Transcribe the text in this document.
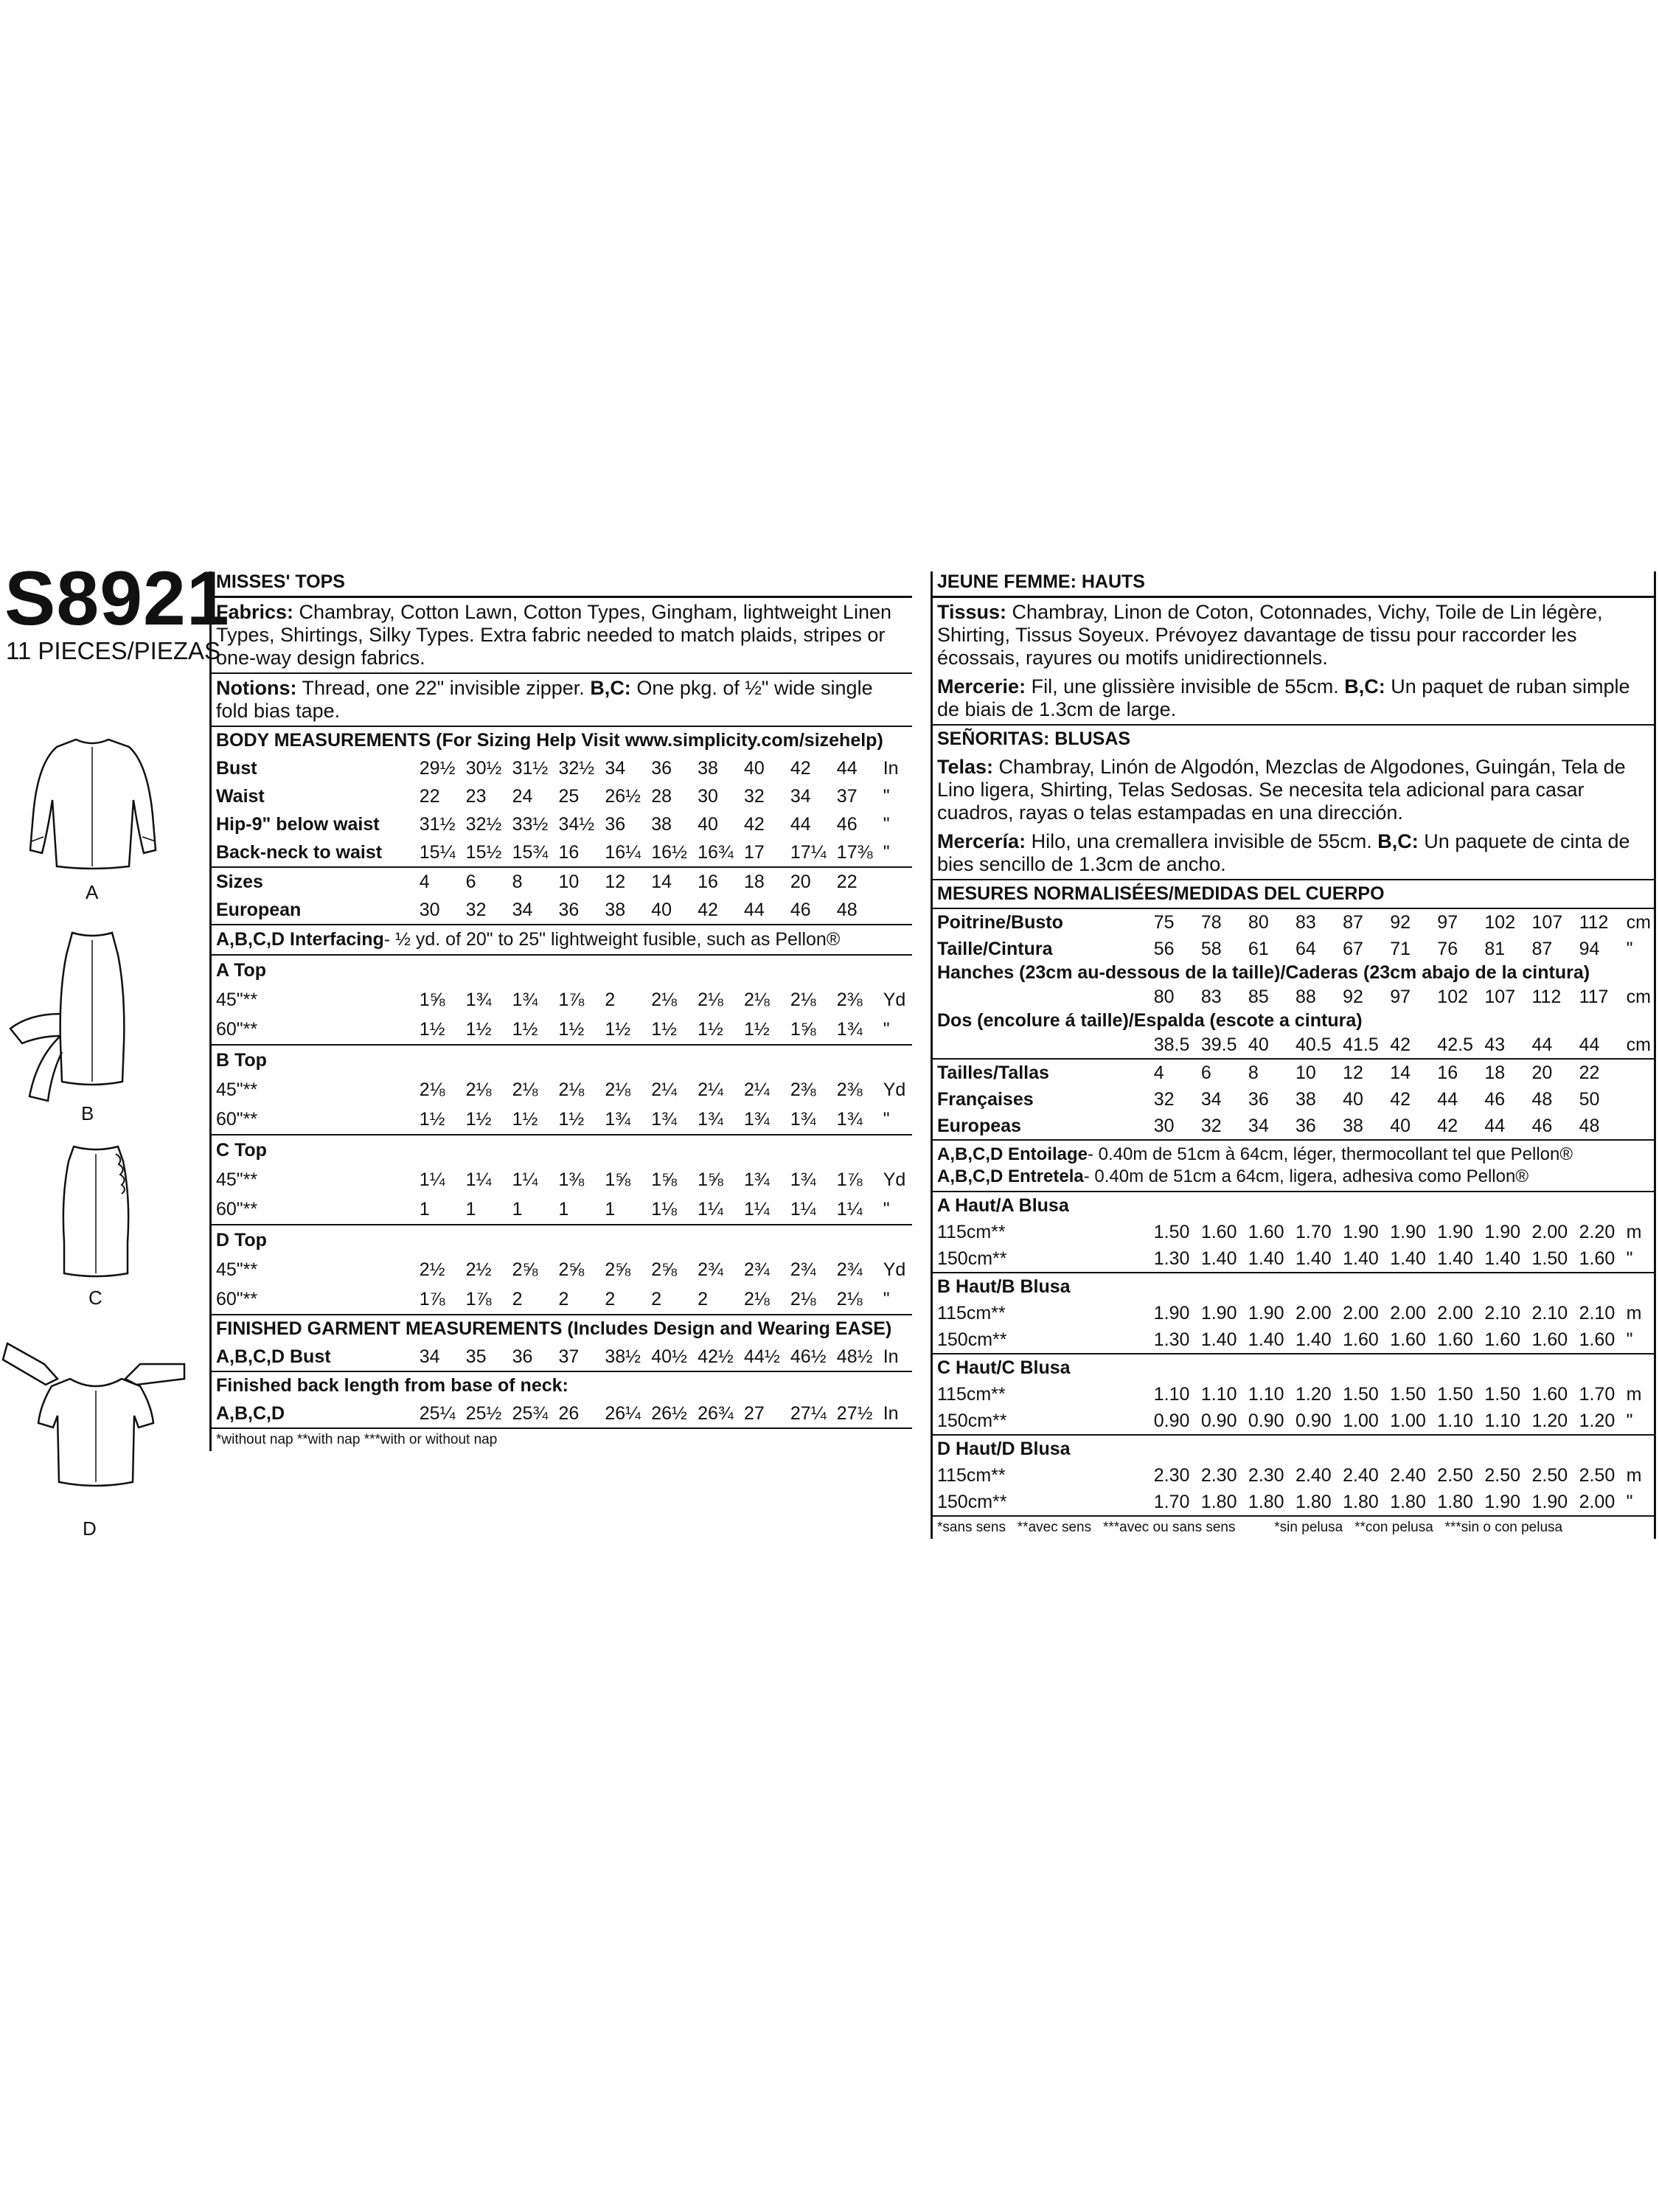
S8921
11 PIECES/PIEZAS
A
B
C
D
MISSES' TOPS
Fabrics: Chambray, Cotton Lawn, Cotton Types, Gingham, lightweight Linen Types, Shirtings, Silky Types. Extra fabric needed to match plaids, stripes or one-way design fabrics.
Notions: Thread, one 22" invisible zipper. B,C: One pkg. of ½" wide single fold bias tape.
BODY MEASUREMENTS (For Sizing Help Visit www.simplicity.com/sizehelp)
Bust	29½	30½	31½	32½	34	36	38	40	42	44	In
Waist	22	23	24	25	26½	28	30	32	34	37	"
Hip-9" below waist	31½	32½	33½	34½	36	38	40	42	44	46	"
Back-neck to waist	15¼	15½	15¾	16	16¼	16½	16¾	17	17¼	17⅜	"
Sizes	4	6	8	10	12	14	16	18	20	22	
European	30	32	34	36	38	40	42	44	46	48	
A,B,C,D Interfacing- ½ yd. of 20" to 25" lightweight fusible, such as Pellon®
A Top											
45"**	1⅝	1¾	1¾	1⅞	2	2⅛	2⅛	2⅛	2⅛	2⅜	Yd
60"**	1½	1½	1½	1½	1½	1½	1½	1½	1⅝	1¾	"
B Top											
45"**	2⅛	2⅛	2⅛	2⅛	2⅛	2¼	2¼	2¼	2⅜	2⅜	Yd
60"**	1½	1½	1½	1½	1¾	1¾	1¾	1¾	1¾	1¾	"
C Top											
45"**	1¼	1¼	1¼	1⅜	1⅝	1⅝	1⅝	1¾	1¾	1⅞	Yd
60"**	1	1	1	1	1	1⅛	1¼	1¼	1¼	1¼	"
D Top											
45"**	2½	2½	2⅝	2⅝	2⅝	2⅝	2¾	2¾	2¾	2¾	Yd
60"**	1⅞	1⅞	2	2	2	2	2	2⅛	2⅛	2⅛	"
FINISHED GARMENT MEASUREMENTS (Includes Design and Wearing EASE)
A,B,C,D Bust	34	35	36	37	38½	40½	42½	44½	46½	48½	In
Finished back length from base of neck:
A,B,C,D	25¼	25½	25¾	26	26¼	26½	26¾	27	27¼	27½	In
*without nap **with nap ***with or without nap
JEUNE FEMME: HAUTS
Tissus: Chambray, Linon de Coton, Cotonnades, Vichy, Toile de Lin légère, Shirting, Tissus Soyeux. Prévoyez davantage de tissu pour raccorder les écossais, rayures ou motifs unidirectionnels.
Mercerie: Fil, une glissière invisible de 55cm. B,C: Un paquet de ruban simple de biais de 1.3cm de large.
SEÑORITAS: BLUSAS
Telas: Chambray, Linón de Algodón, Mezclas de Algodones, Guingán, Tela de Lino ligera, Shirting, Telas Sedosas. Se necesita tela adicional para casar cuadros, rayas o telas estampadas en una dirección.
Mercería: Hilo, una cremallera invisible de 55cm. B,C: Un paquete de cinta de bies sencillo de 1.3cm de ancho.
MESURES NORMALISÉES/MEDIDAS DEL CUERPO
Poitrine/Busto	75	78	80	83	87	92	97	102	107	112	cm
Taille/Cintura	56	58	61	64	67	71	76	81	87	94	"
Hanches (23cm au-dessous de la taille)/Caderas (23cm abajo de la cintura)
	80	83	85	88	92	97	102	107	112	117	cm
Dos (encolure á taille)/Espalda (escote a cintura)
	38.5	39.5	40	40.5	41.5	42	42.5	43	44	44	cm
Tailles/Tallas	4	6	8	10	12	14	16	18	20	22	
Françaises	32	34	36	38	40	42	44	46	48	50	
Europeas	30	32	34	36	38	40	42	44	46	48	
A,B,C,D Entoilage- 0.40m de 51cm à 64cm, léger, thermocollant tel que Pellon®
A,B,C,D Entretela- 0.40m de 51cm a 64cm, ligera, adhesiva como Pellon®
A Haut/A Blusa											
115cm**	1.50	1.60	1.60	1.70	1.90	1.90	1.90	1.90	2.00	2.20	m
150cm**	1.30	1.40	1.40	1.40	1.40	1.40	1.40	1.40	1.50	1.60	"
B Haut/B Blusa											
115cm**	1.90	1.90	1.90	2.00	2.00	2.00	2.00	2.10	2.10	2.10	m
150cm**	1.30	1.40	1.40	1.40	1.60	1.60	1.60	1.60	1.60	1.60	"
C Haut/C Blusa											
115cm**	1.10	1.10	1.10	1.20	1.50	1.50	1.50	1.50	1.60	1.70	m
150cm**	0.90	0.90	0.90	0.90	1.00	1.00	1.10	1.10	1.20	1.20	"
D Haut/D Blusa											
115cm**	2.30	2.30	2.30	2.40	2.40	2.40	2.50	2.50	2.50	2.50	m
150cm**	1.70	1.80	1.80	1.80	1.80	1.80	1.80	1.90	1.90	2.00	"
*sans sens   **avec sens   ***avec ou sans sens          *sin pelusa   **con pelusa   ***sin o con pelusa
